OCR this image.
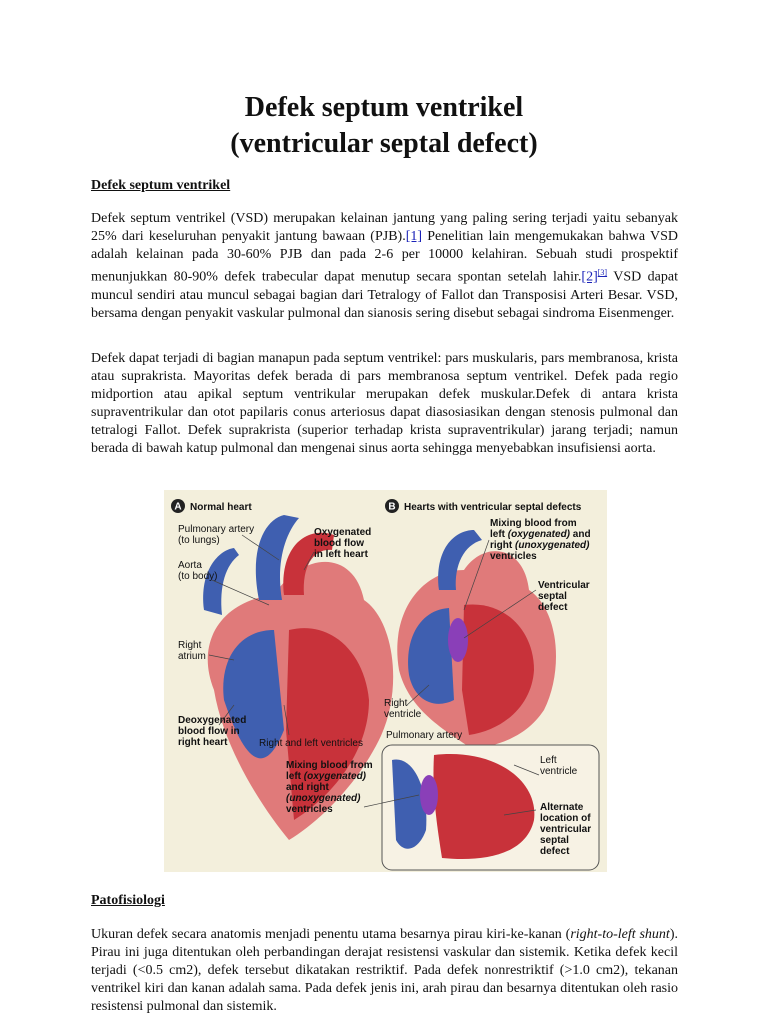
Defek septum ventrikel
(ventricular septal defect)
Defek septum ventrikel

Defek septum ventrikel (VSD) merupakan kelainan jantung yang paling sering terjadi yaitu sebanyak 25% dari keseluruhan penyakit jantung bawaan (PJB).[1] Penelitian lain mengemukakan bahwa VSD adalah kelainan pada 30-60% PJB dan pada 2-6 per 10000 kelahiran. Sebuah studi prospektif menunjukkan 80-90% defek trabecular dapat menutup secara spontan setelah lahir.[2][3] VSD dapat muncul sendiri atau muncul sebagai bagian dari Tetralogy of Fallot dan Transposisi Arteri Besar. VSD, bersama dengan penyakit vaskular pulmonal dan sianosis sering disebut sebagai sindroma Eisenmenger.

Defek dapat terjadi di bagian manapun pada septum ventrikel: pars muskularis, pars membranosa, krista atau suprakrista. Mayoritas defek berada di pars membranosa septum ventrikel. Defek pada regio midportion atau apikal septum ventrikular merupakan defek muskular.Defek di antara krista supraventrikular dan otot papilaris conus arteriosus dapat diasosiasikan dengan stenosis pulmonal dan tetralogi Fallot. Defek suprakrista (superior terhadap krista supraventrikular) jarang terjadi; namun berada di bawah katup pulmonal dan mengenai sinus aorta sehingga menyebabkan insufisiensi aorta.

A Normal heart
Pulmonary artery
(to lungs)
Oxygenated
blood flow
in left heart
Aorta
(to body)
Right
atrium
Deoxygenated
blood flow in
right heart	Right and left ventricles
Mixing blood from
left (oxygenated)
and right
(unoxygenated)
ventricles
B Hearts with ventricular septal defects
Mixing blood from
left (oxygenated) and
right (unoxygenated)
ventricles
Ventricular
septal
defect
Right
ventricle
Pulmonary artery
Left
ventricle
Alternate
location of
ventricular
septal
defect
Patofisiologi

Ukuran defek secara anatomis menjadi penentu utama besarnya pirau kiri-ke-kanan (right-to-left shunt). Pirau ini juga ditentukan oleh perbandingan derajat resistensi vaskular dan sistemik. Ketika defek kecil terjadi (<0.5 cm2), defek tersebut dikatakan restriktif. Pada defek nonrestriktif (>1.0 cm2), tekanan ventrikel kiri dan kanan adalah sama. Pada defek jenis ini, arah pirau dan besarnya ditentukan oleh rasio resistensi pulmonal dan sistemik.
